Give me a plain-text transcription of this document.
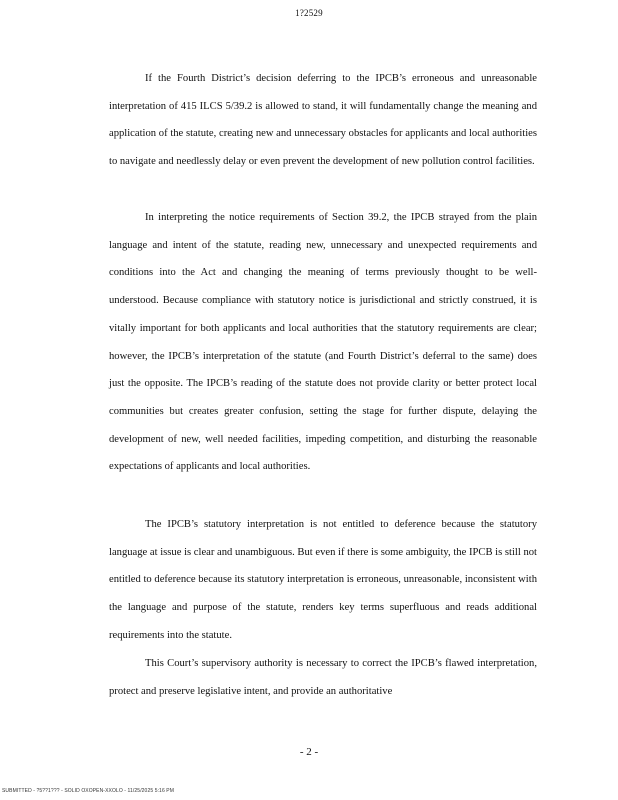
1?2529

If the Fourth District’s decision deferring to the IPCB’s erroneous and unreasonable interpretation of 415 ILCS 5/39.2 is allowed to stand, it will fundamentally change the meaning and application of the statute, creating new and unnecessary obstacles for applicants and local authorities to navigate and needlessly delay or even prevent the development of new pollution control facilities.

In interpreting the notice requirements of Section 39.2, the IPCB strayed from the plain language and intent of the statute, reading new, unnecessary and unexpected requirements and conditions into the Act and changing the meaning of terms previously thought to be well-understood. Because compliance with statutory notice is jurisdictional and strictly construed, it is vitally important for both applicants and local authorities that the statutory requirements are clear; however, the IPCB’s interpretation of the statute (and Fourth District’s deferral to the same) does just the opposite. The IPCB’s reading of the statute does not provide clarity or better protect local communities but creates greater confusion, setting the stage for further dispute, delaying the development of new, well needed facilities, impeding competition, and disturbing the reasonable expectations of applicants and local authorities.

The IPCB’s statutory interpretation is not entitled to deference because the statutory language at issue is clear and unambiguous. But even if there is some ambiguity, the IPCB is still not entitled to deference because its statutory interpretation is erroneous, unreasonable, inconsistent with the language and purpose of the statute, renders key terms superfluous and reads additional requirements into the statute.

This Court’s supervisory authority is necessary to correct the IPCB’s flawed interpretation, protect and preserve legislative intent, and provide an authoritative

- 2 -
SUBMITTED - ?5??1??? - SOLID OXOPEN-XXOLO - 11/25/2025 5:16 PM
